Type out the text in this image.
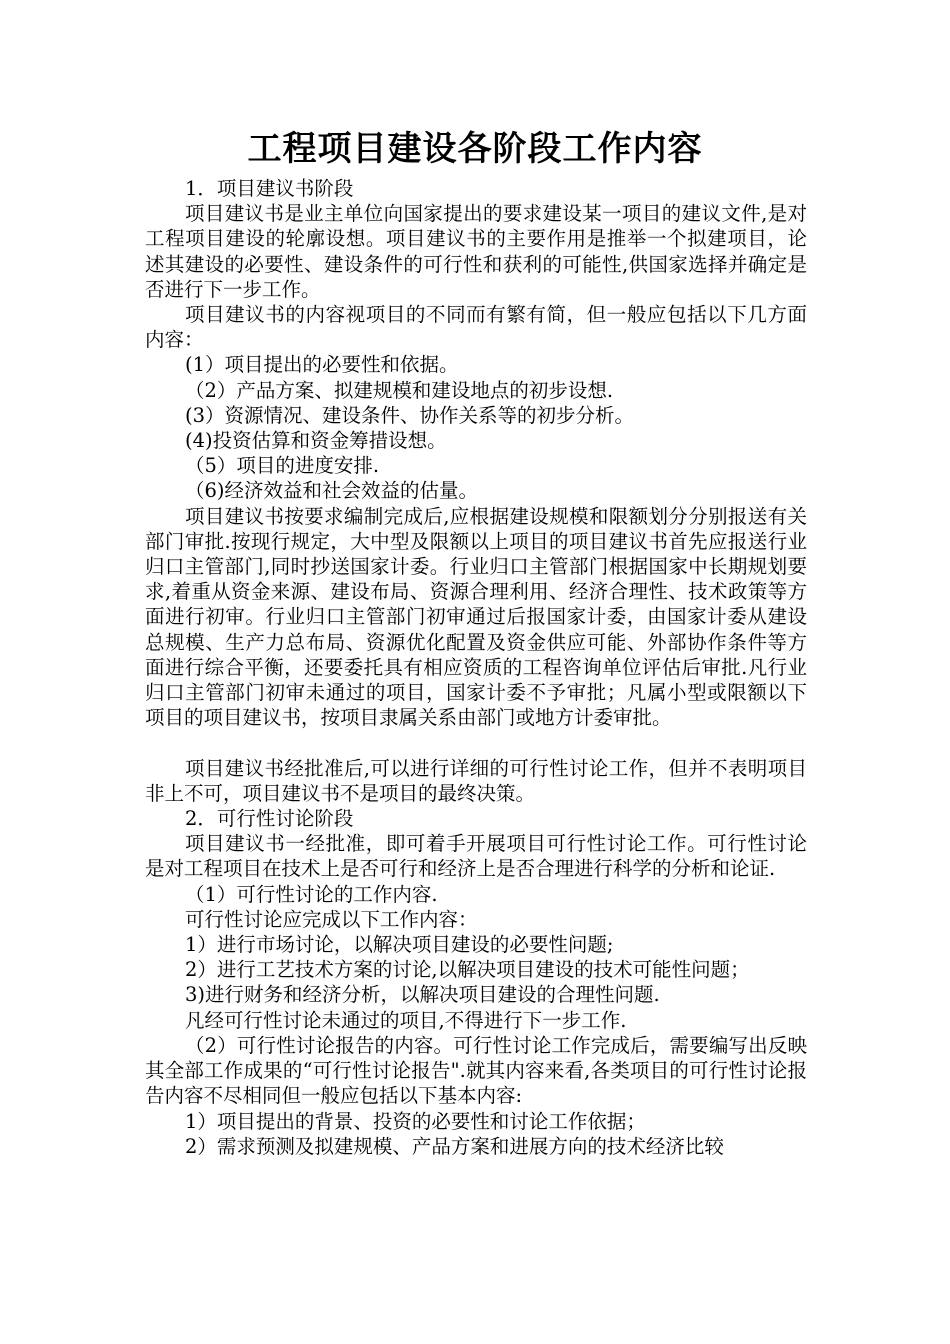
工程项目建设各阶段工作内容

1．项目建议书阶段

项目建议书是业主单位向国家提出的要求建设某一项目的建议文件,是对工程项目建设的轮廓设想。项目建议书的主要作用是推举一个拟建项目，论述其建设的必要性、建设条件的可行性和获利的可能性,供国家选择并确定是否进行下一步工作。

项目建议书的内容视项目的不同而有繁有简，但一般应包括以下几方面内容：

(1）项目提出的必要性和依据。

（2）产品方案、拟建规模和建设地点的初步设想.

(3）资源情况、建设条件、协作关系等的初步分析。

(4)投资估算和资金筹措设想。

（5）项目的进度安排.

（6)经济效益和社会效益的估量。

项目建议书按要求编制完成后,应根据建设规模和限额划分分别报送有关部门审批.按现行规定，大中型及限额以上项目的项目建议书首先应报送行业归口主管部门,同时抄送国家计委。行业归口主管部门根据国家中长期规划要求,着重从资金来源、建设布局、资源合理利用、经济合理性、技术政策等方面进行初审。行业归口主管部门初审通过后报国家计委，由国家计委从建设总规模、生产力总布局、资源优化配置及资金供应可能、外部协作条件等方面进行综合平衡，还要委托具有相应资质的工程咨询单位评估后审批.凡行业归口主管部门初审未通过的项目，国家计委不予审批；凡属小型或限额以下项目的项目建议书，按项目隶属关系由部门或地方计委审批。

项目建议书经批准后,可以进行详细的可行性讨论工作，但并不表明项目非上不可，项目建议书不是项目的最终决策。

2．可行性讨论阶段

项目建议书一经批准，即可着手开展项目可行性讨论工作。可行性讨论是对工程项目在技术上是否可行和经济上是否合理进行科学的分析和论证.

（1）可行性讨论的工作内容.

可行性讨论应完成以下工作内容：

1）进行市场讨论，以解决项目建设的必要性问题;

2）进行工艺技术方案的讨论,以解决项目建设的技术可能性问题；

3)进行财务和经济分析，以解决项目建设的合理性问题.

凡经可行性讨论未通过的项目,不得进行下一步工作.

（2）可行性讨论报告的内容。可行性讨论工作完成后，需要编写出反映其全部工作成果的“可行性讨论报告".就其内容来看,各类项目的可行性讨论报告内容不尽相同但一般应包括以下基本内容:

1）项目提出的背景、投资的必要性和讨论工作依据；

2）需求预测及拟建规模、产品方案和进展方向的技术经济比较
